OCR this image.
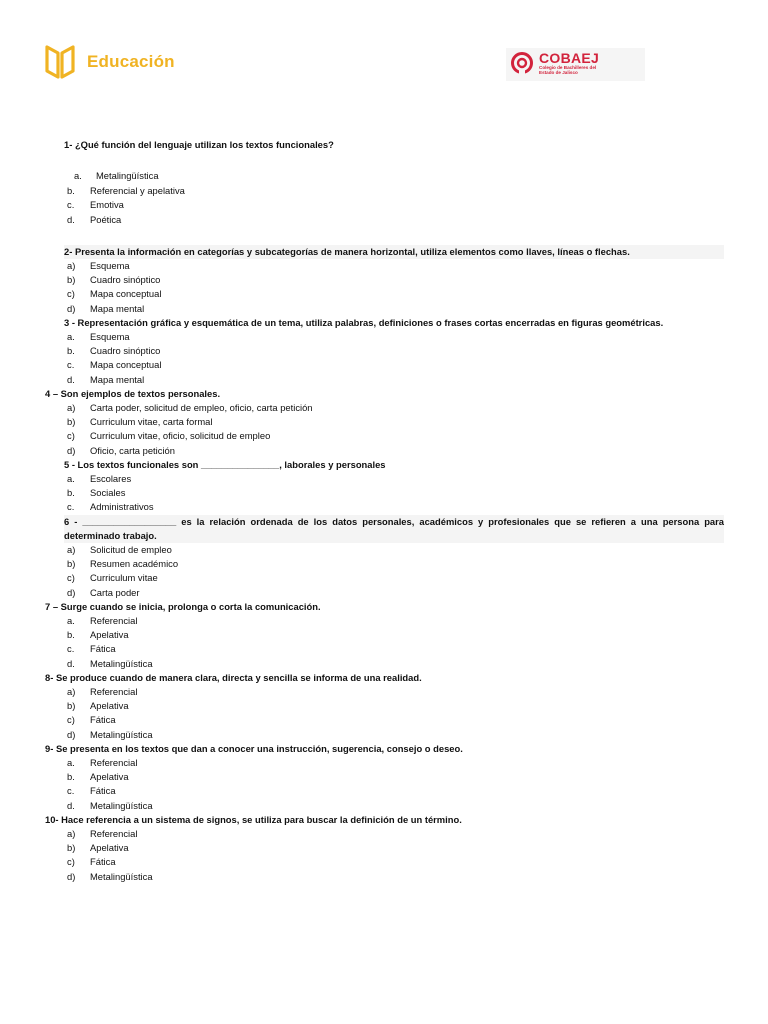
Educación	COBAEJ
Colegio de Bachilleres del Estado de Jalisco
1- ¿Qué función del lenguaje utilizan los textos funcionales?
a.	Metalingüística
b.	Referencial y apelativa
c.	Emotiva
d.	Poética
2- Presenta la información en categorías y subcategorías de manera horizontal, utiliza elementos como llaves, líneas o flechas.
a)	Esquema
b)	Cuadro sinóptico
c)	Mapa conceptual
d)	Mapa mental
3 - Representación gráfica y esquemática de un tema, utiliza palabras, definiciones o frases cortas encerradas en figuras geométricas.
a.	Esquema
b.	Cuadro sinóptico
c.	Mapa conceptual
d.	Mapa mental
4 – Son ejemplos de textos personales.
a)	Carta poder, solicitud de empleo, oficio, carta petición
b)	Curriculum vitae, carta formal
c)	Curriculum vitae, oficio, solicitud de empleo
d)	Oficio, carta petición
5 - Los textos funcionales son _______________, laborales y personales
a.	Escolares
b.	Sociales
c.	Administrativos
6 - __________________ es la relación ordenada de los datos personales, académicos y profesionales que se refieren a una persona para determinado trabajo.
a)	Solicitud de empleo
b)	Resumen académico
c)	Curriculum vitae
d)	Carta poder
7 – Surge cuando se inicia, prolonga o corta la comunicación.
a.	Referencial
b.	Apelativa
c.	Fática
d.	Metalingüística
8- Se produce cuando de manera clara, directa y sencilla se informa de una realidad.
a)	Referencial
b)	Apelativa
c)	Fática
d)	Metalingüística
9- Se presenta en los textos que dan a conocer una instrucción, sugerencia, consejo o deseo.
a.	Referencial
b.	Apelativa
c.	Fática
d.	Metalingüística
10- Hace referencia a un sistema de signos, se utiliza para buscar la definición de un término.
a)	Referencial
b)	Apelativa
c)	Fática
d)	Metalingüística
